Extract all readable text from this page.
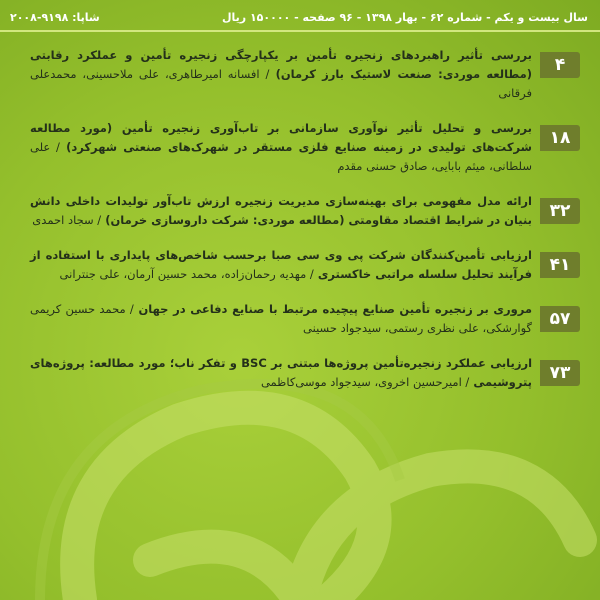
سال بیست و یکم - شماره ۶۲ - بهار ۱۳۹۸ - ۹۶ صفحه - ۱۵۰۰۰۰ ریال
شاپا: ۹۱۹۸-۲۰۰۸
۴
بررسی تأثیر راهبردهای زنجیره تأمین بر یکپارچگی زنجیره تأمین و عملکرد رقابتی (مطالعه موردی: صنعت لاستیک بارز کرمان) / افسانه امیرطاهری، علی ملاحسینی، محمدعلی فرقانی
۱۸
بررسی و تحلیل تأثیر نوآوری سازمانی بر تاب‌آوری زنجیره تأمین (مورد مطالعه شرکت‌های تولیدی در زمینه صنایع فلزی مستقر در شهرک‌های صنعتی شهرکرد) / علی سلطانی، میثم بابایی، صادق حسنی مقدم
۳۲
ارائه مدل مفهومی برای بهینه‌سازی مدیریت زنجیره ارزش تاب‌آور تولیدات داخلی دانش بنیان در شرایط اقتصاد مقاومتی (مطالعه موردی: شرکت داروسازی خرمان) / سجاد احمدی
۴۱
ارزیابی تأمین‌کنندگان شرکت پی وی سی صبا برحسب شاخص‌های پایداری با استفاده از فرآیند تحلیل سلسله مراتبی خاکستری / مهدیه رحمان‌زاده، محمد حسین آرمان، علی جنترانی
۵۷
مروری بر زنجیره تأمین صنایع پیچیده مرتبط با صنایع دفاعی در جهان / محمد حسین کریمی گوارشکی، علی نظری رستمی، سیدجواد حسینی
۷۳
ارزیابی عملکرد زنجیره‌تأمین پروژه‌ها مبتنی بر BSC و تفکر ناب؛ مورد مطالعه: پروژه‌های پتروشیمی / امیرحسین اخروی، سیدجواد موسی‌کاظمی
